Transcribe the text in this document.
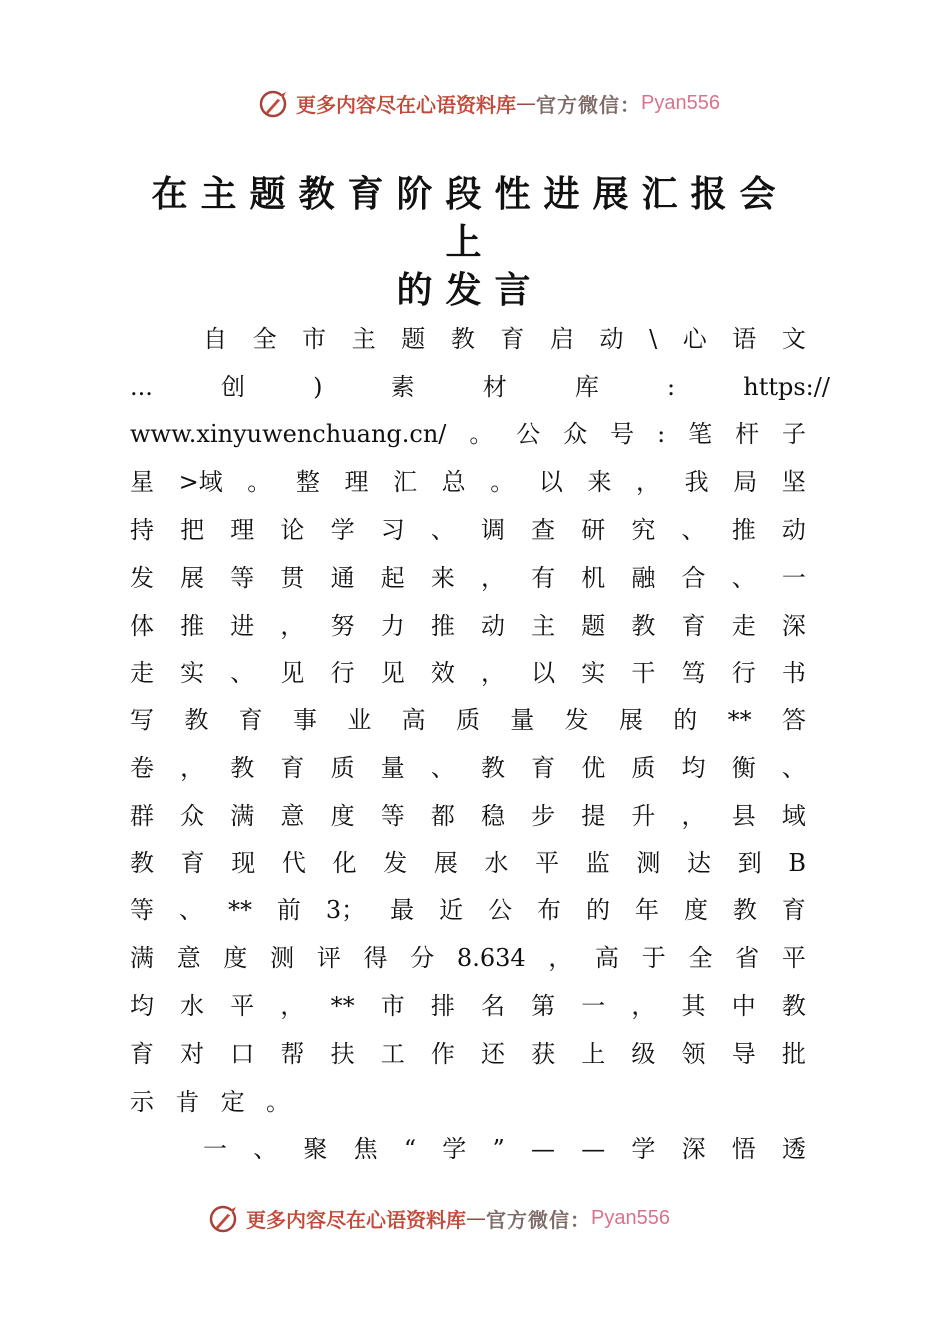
更多内容尽在心语资料库 — 官方微信： Pyan556
在主题教育阶段性进展汇报会上
的发言
自 全 市 主 题 教 育 启 动 \ 心 语 文
...	创	)	素	材	库	:	https://
www.xinyuwenchuang.cn/ 。 公 众 号 : 笔 杆 子
星 >域 。 整 理 汇 总 。 以 来 ， 我 局 坚
持 把 理 论 学 习 、 调 查 研 究 、 推 动
发 展 等 贯 通 起 来 ， 有 机 融 合 、 一
体 推 进 ， 努 力 推 动 主 题 教 育 走 深
走 实 、 见 行 见 效 ， 以 实 干 笃 行 书
写 教 育 事 业 高 质 量 发 展 的 ** 答
卷 ， 教 育 质 量 、 教 育 优 质 均 衡 、
群 众 满 意 度 等 都 稳 步 提 升 ， 县 域
教 育 现 代 化 发 展 水 平 监 测 达 到 B
等 、 ** 前 3； 最 近 公 布 的 年 度 教 育
满 意 度 测 评 得 分 8.634 ， 高 于 全 省 平
均 水 平 ， ** 市 排 名 第 一 ， 其 中 教
育 对 口 帮 扶 工 作 还 获 上 级 领 导 批
示 肯 定 。
一 、 聚 焦 “ 学 ” — — 学 深 悟 透
更多内容尽在心语资料库 — 官方微信： Pyan556
